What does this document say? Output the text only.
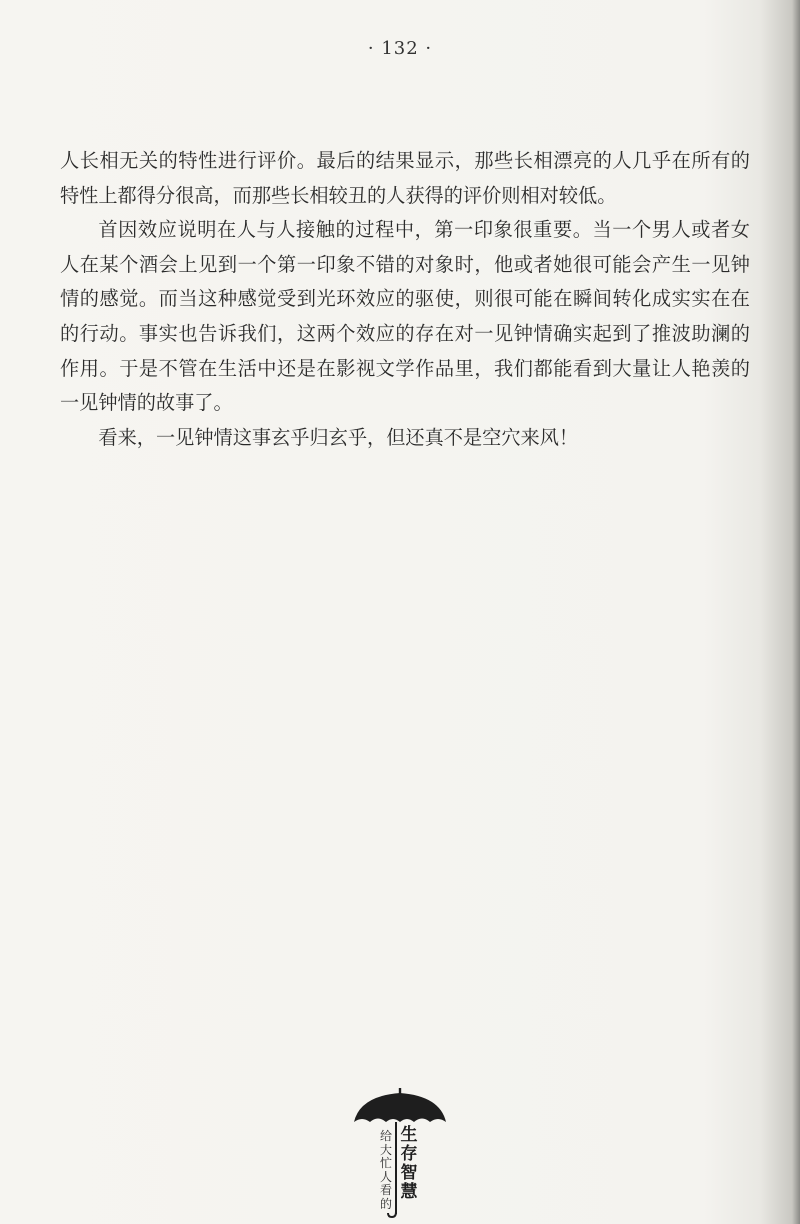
· 132 ·

人长相无关的特性进行评价。最后的结果显示，那些长相漂亮的人几乎在所有的特性上都得分很高，而那些长相较丑的人获得的评价则相对较低。

首因效应说明在人与人接触的过程中，第一印象很重要。当一个男人或者女人在某个酒会上见到一个第一印象不错的对象时，他或者她很可能会产生一见钟情的感觉。而当这种感觉受到光环效应的驱使，则很可能在瞬间转化成实实在在的行动。事实也告诉我们，这两个效应的存在对一见钟情确实起到了推波助澜的作用。于是不管在生活中还是在影视文学作品里，我们都能看到大量让人艳羡的一见钟情的故事了。

看来，一见钟情这事玄乎归玄乎，但还真不是空穴来风！

生存智慧
给大忙人看的
